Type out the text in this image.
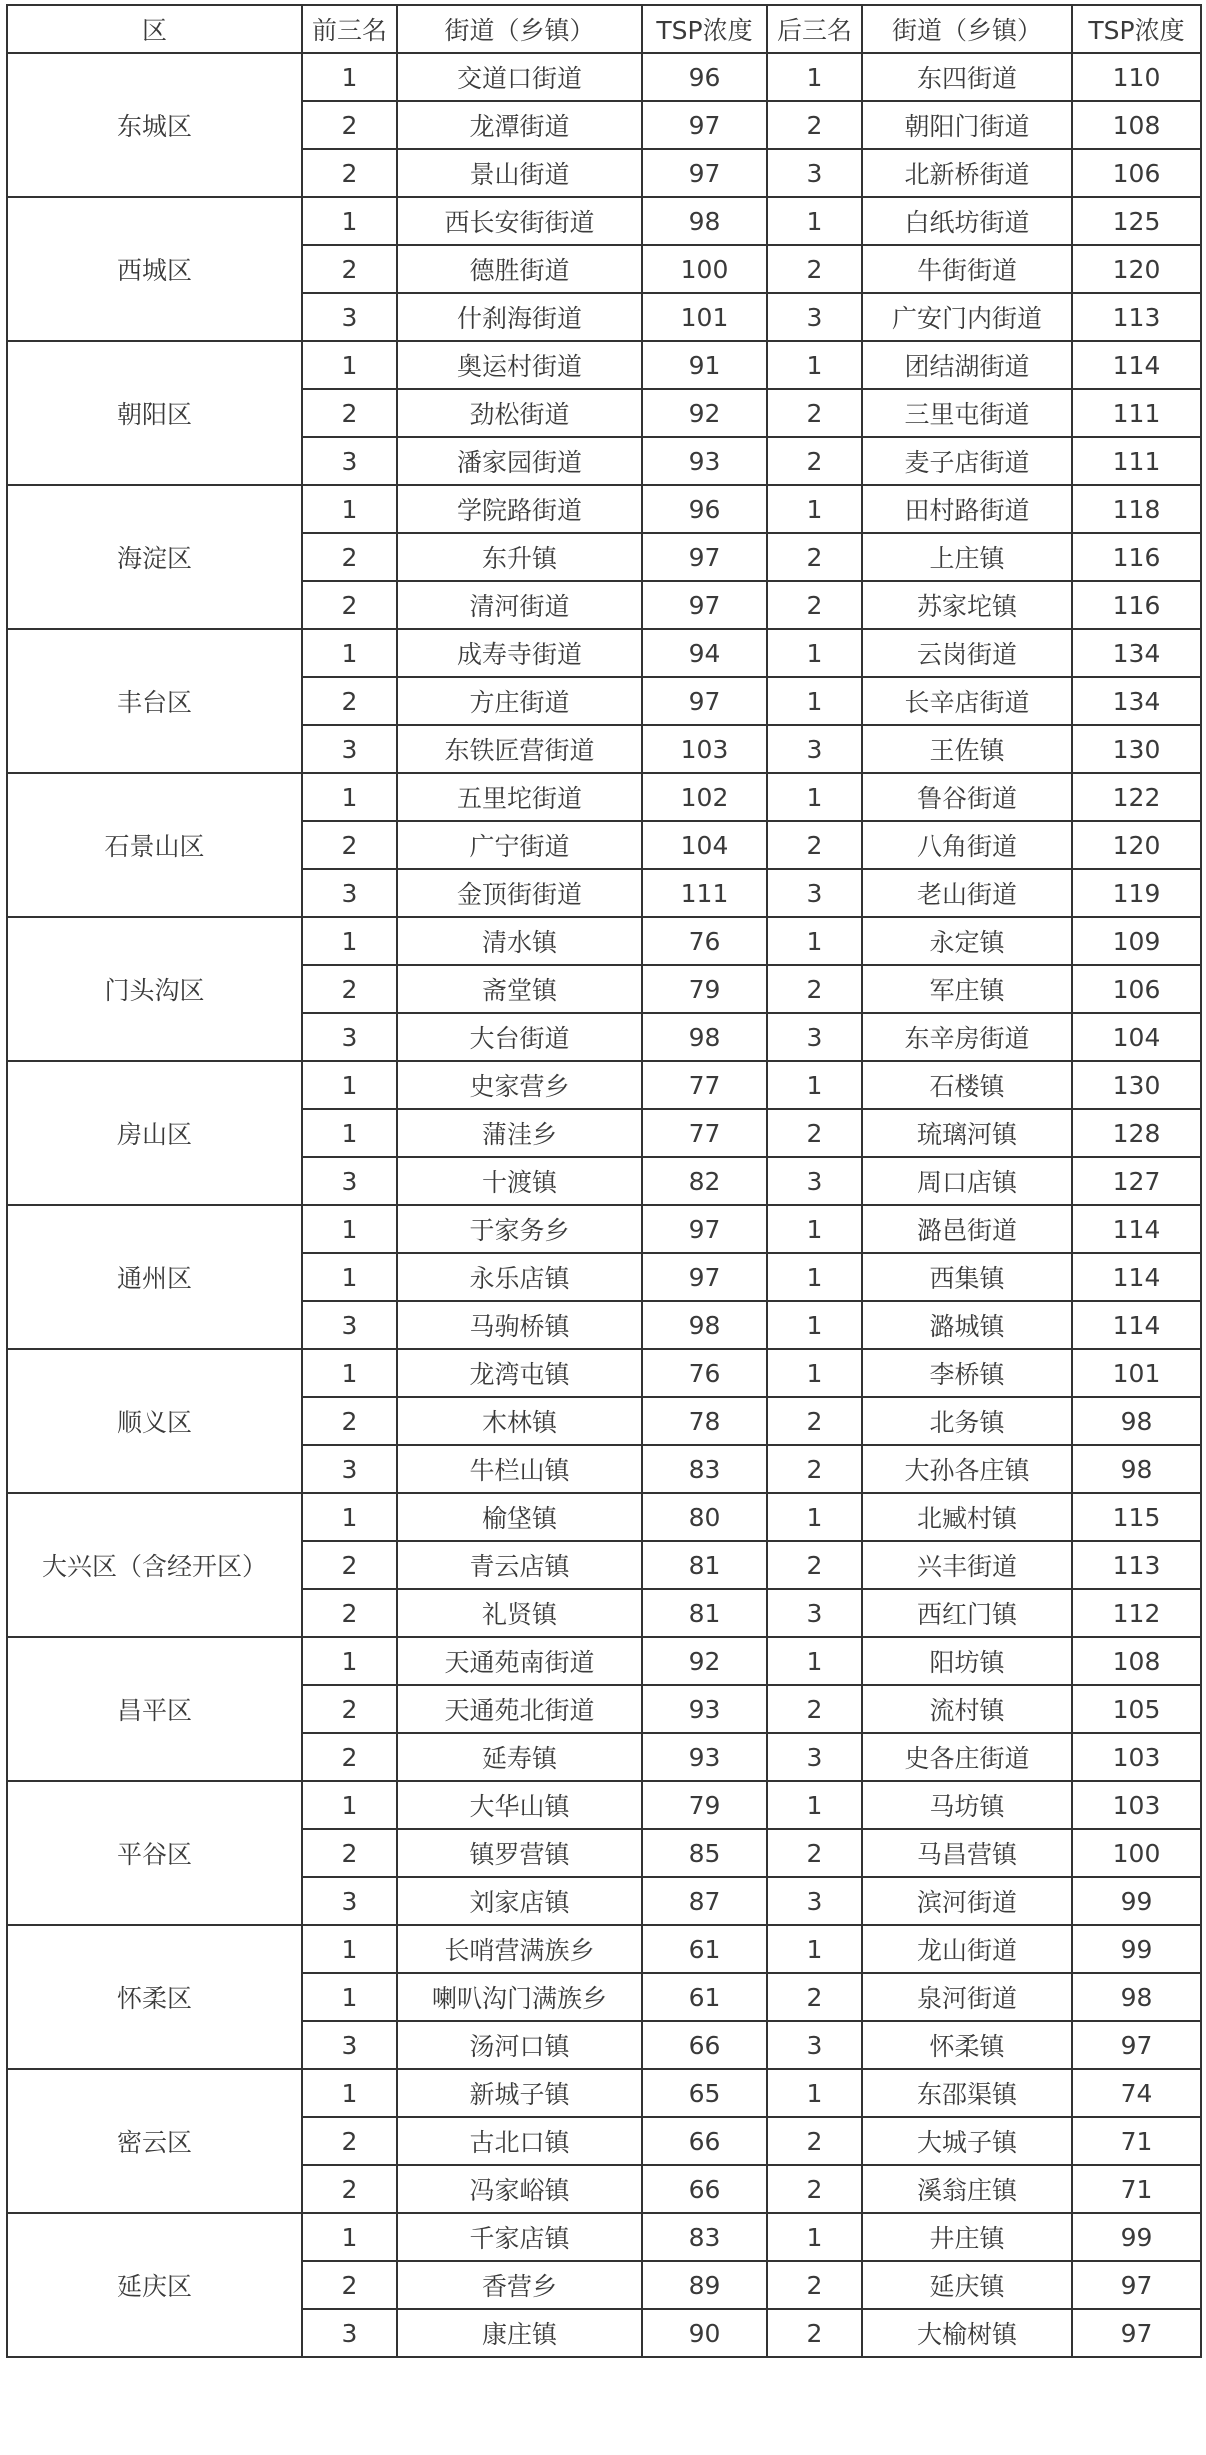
区	前三名	街道（乡镇）	TSP浓度	后三名	街道（乡镇）	TSP浓度
东城区	1	交道口街道	96	1	东四街道	110
	2	龙潭街道	97	2	朝阳门街道	108
	2	景山街道	97	3	北新桥街道	106
西城区	1	西长安街街道	98	1	白纸坊街道	125
	2	德胜街道	100	2	牛街街道	120
	3	什刹海街道	101	3	广安门内街道	113
朝阳区	1	奥运村街道	91	1	团结湖街道	114
	2	劲松街道	92	2	三里屯街道	111
	3	潘家园街道	93	2	麦子店街道	111
海淀区	1	学院路街道	96	1	田村路街道	118
	2	东升镇	97	2	上庄镇	116
	2	清河街道	97	2	苏家坨镇	116
丰台区	1	成寿寺街道	94	1	云岗街道	134
	2	方庄街道	97	1	长辛店街道	134
	3	东铁匠营街道	103	3	王佐镇	130
石景山区	1	五里坨街道	102	1	鲁谷街道	122
	2	广宁街道	104	2	八角街道	120
	3	金顶街街道	111	3	老山街道	119
门头沟区	1	清水镇	76	1	永定镇	109
	2	斋堂镇	79	2	军庄镇	106
	3	大台街道	98	3	东辛房街道	104
房山区	1	史家营乡	77	1	石楼镇	130
	1	蒲洼乡	77	2	琉璃河镇	128
	3	十渡镇	82	3	周口店镇	127
通州区	1	于家务乡	97	1	潞邑街道	114
	1	永乐店镇	97	1	西集镇	114
	3	马驹桥镇	98	1	潞城镇	114
顺义区	1	龙湾屯镇	76	1	李桥镇	101
	2	木林镇	78	2	北务镇	98
	3	牛栏山镇	83	2	大孙各庄镇	98
大兴区（含经开区）	1	榆垡镇	80	1	北臧村镇	115
	2	青云店镇	81	2	兴丰街道	113
	2	礼贤镇	81	3	西红门镇	112
昌平区	1	天通苑南街道	92	1	阳坊镇	108
	2	天通苑北街道	93	2	流村镇	105
	2	延寿镇	93	3	史各庄街道	103
平谷区	1	大华山镇	79	1	马坊镇	103
	2	镇罗营镇	85	2	马昌营镇	100
	3	刘家店镇	87	3	滨河街道	99
怀柔区	1	长哨营满族乡	61	1	龙山街道	99
	1	喇叭沟门满族乡	61	2	泉河街道	98
	3	汤河口镇	66	3	怀柔镇	97
密云区	1	新城子镇	65	1	东邵渠镇	74
	2	古北口镇	66	2	大城子镇	71
	2	冯家峪镇	66	2	溪翁庄镇	71
延庆区	1	千家店镇	83	1	井庄镇	99
	2	香营乡	89	2	延庆镇	97
	3	康庄镇	90	2	大榆树镇	97
